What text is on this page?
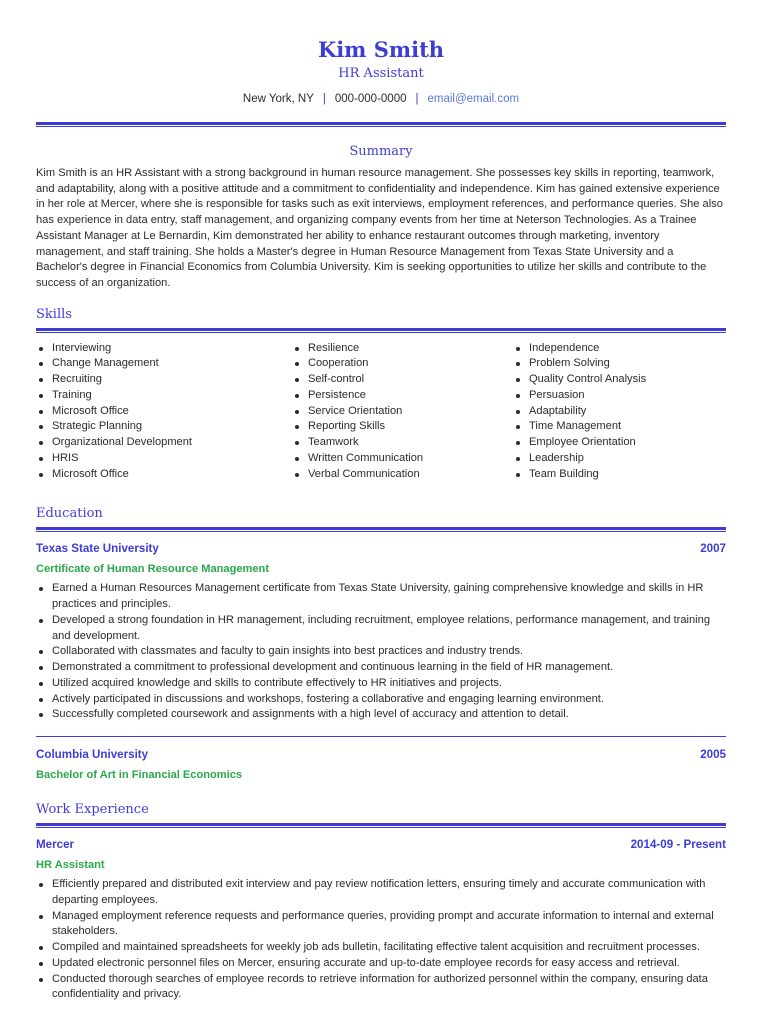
Kim Smith
HR Assistant
New York, NY | 000-000-0000 | email@email.com
Summary

Kim Smith is an HR Assistant with a strong background in human resource management. She possesses key skills in reporting, teamwork, and adaptability, along with a positive attitude and a commitment to confidentiality and independence. Kim has gained extensive experience in her role at Mercer, where she is responsible for tasks such as exit interviews, employment references, and performance queries. She also has experience in data entry, staff management, and organizing company events from her time at Neterson Technologies. As a Trainee Assistant Manager at Le Bernardin, Kim demonstrated her ability to enhance restaurant outcomes through marketing, inventory management, and staff training. She holds a Master's degree in Human Resource Management from Texas State University and a Bachelor's degree in Financial Economics from Columbia University. Kim is seeking opportunities to utilize her skills and contribute to the success of an organization.

Skills
Interviewing
Change Management
Recruiting
Training
Microsoft Office
Strategic Planning
Organizational Development
HRIS
Microsoft Office
Resilience
Cooperation
Self-control
Persistence
Service Orientation
Reporting Skills
Teamwork
Written Communication
Verbal Communication
Independence
Problem Solving
Quality Control Analysis
Persuasion
Adaptability
Time Management
Employee Orientation
Leadership
Team Building
Education
Texas State University	2007
Certificate of Human Resource Management
Earned a Human Resources Management certificate from Texas State University, gaining comprehensive knowledge and skills in HR practices and principles.
Developed a strong foundation in HR management, including recruitment, employee relations, performance management, and training and development.
Collaborated with classmates and faculty to gain insights into best practices and industry trends.
Demonstrated a commitment to professional development and continuous learning in the field of HR management.
Utilized acquired knowledge and skills to contribute effectively to HR initiatives and projects.
Actively participated in discussions and workshops, fostering a collaborative and engaging learning environment.
Successfully completed coursework and assignments with a high level of accuracy and attention to detail.
Columbia University	2005
Bachelor of Art in Financial Economics
Work Experience
Mercer	2014-09 - Present
HR Assistant
Efficiently prepared and distributed exit interview and pay review notification letters, ensuring timely and accurate communication with departing employees.
Managed employment reference requests and performance queries, providing prompt and accurate information to internal and external stakeholders.
Compiled and maintained spreadsheets for weekly job ads bulletin, facilitating effective talent acquisition and recruitment processes.
Updated electronic personnel files on Mercer, ensuring accurate and up-to-date employee records for easy access and retrieval.
Conducted thorough searches of employee records to retrieve information for authorized personnel within the company, ensuring data confidentiality and privacy.
